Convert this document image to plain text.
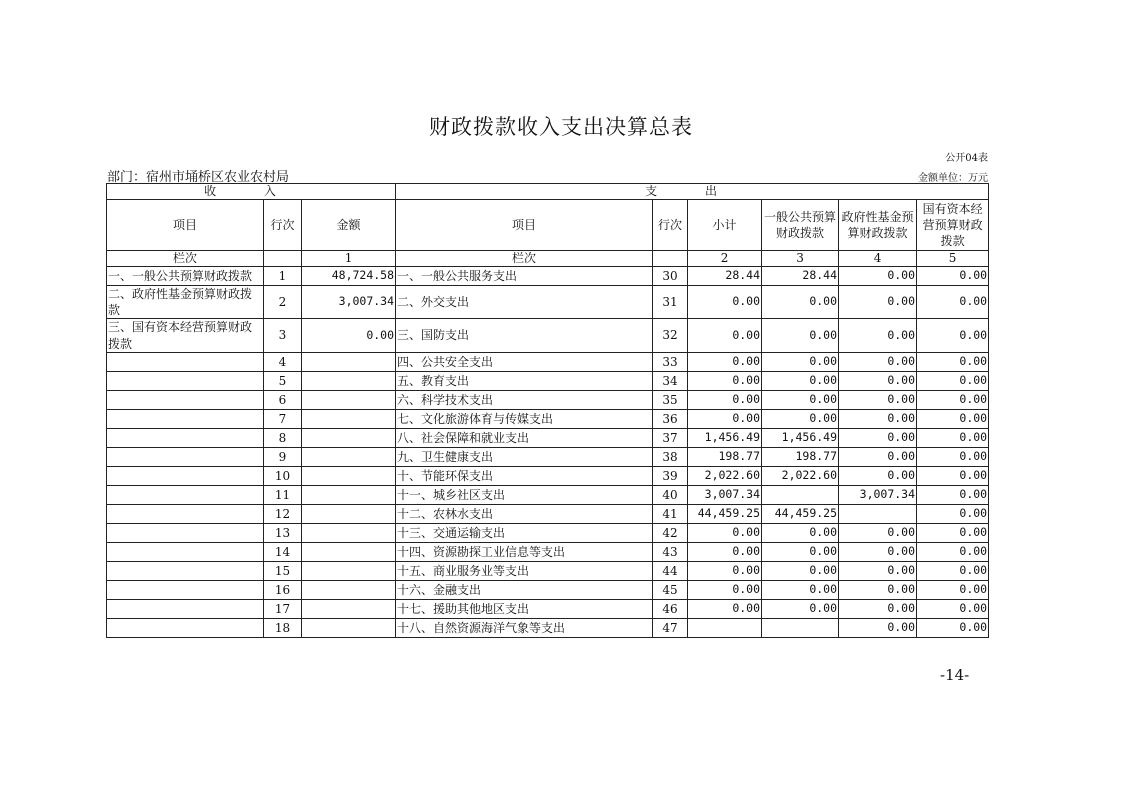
财政拨款收入支出决算总表
公开04表
部门：宿州市埇桥区农业农村局	金额单位：万元
收 入			支 出					
项目	行次	金额	项目	行次	小计	一般公共预算财政拨款	政府性基金预算财政拨款	国有资本经营预算财政拨款
栏次		1	栏次		2	3	4	5
一、一般公共预算财政拨款	1	48,724.58	一、一般公共服务支出	30	28.44	28.44	0.00	0.00
二、政府性基金预算财政拨款	2	3,007.34	二、外交支出	31	0.00	0.00	0.00	0.00
三、国有资本经营预算财政拨款	3	0.00	三、国防支出	32	0.00	0.00	0.00	0.00
	4		四、公共安全支出	33	0.00	0.00	0.00	0.00
	5		五、教育支出	34	0.00	0.00	0.00	0.00
	6		六、科学技术支出	35	0.00	0.00	0.00	0.00
	7		七、文化旅游体育与传媒支出	36	0.00	0.00	0.00	0.00
	8		八、社会保障和就业支出	37	1,456.49	1,456.49	0.00	0.00
	9		九、卫生健康支出	38	198.77	198.77	0.00	0.00
	10		十、节能环保支出	39	2,022.60	2,022.60	0.00	0.00
	11		十一、城乡社区支出	40	3,007.34		3,007.34	0.00
	12		十二、农林水支出	41	44,459.25	44,459.25		0.00
	13		十三、交通运输支出	42	0.00	0.00	0.00	0.00
	14		十四、资源勘探工业信息等支出	43	0.00	0.00	0.00	0.00
	15		十五、商业服务业等支出	44	0.00	0.00	0.00	0.00
	16		十六、金融支出	45	0.00	0.00	0.00	0.00
	17		十七、援助其他地区支出	46	0.00	0.00	0.00	0.00
	18		十八、自然资源海洋气象等支出	47			0.00	0.00
-14-
